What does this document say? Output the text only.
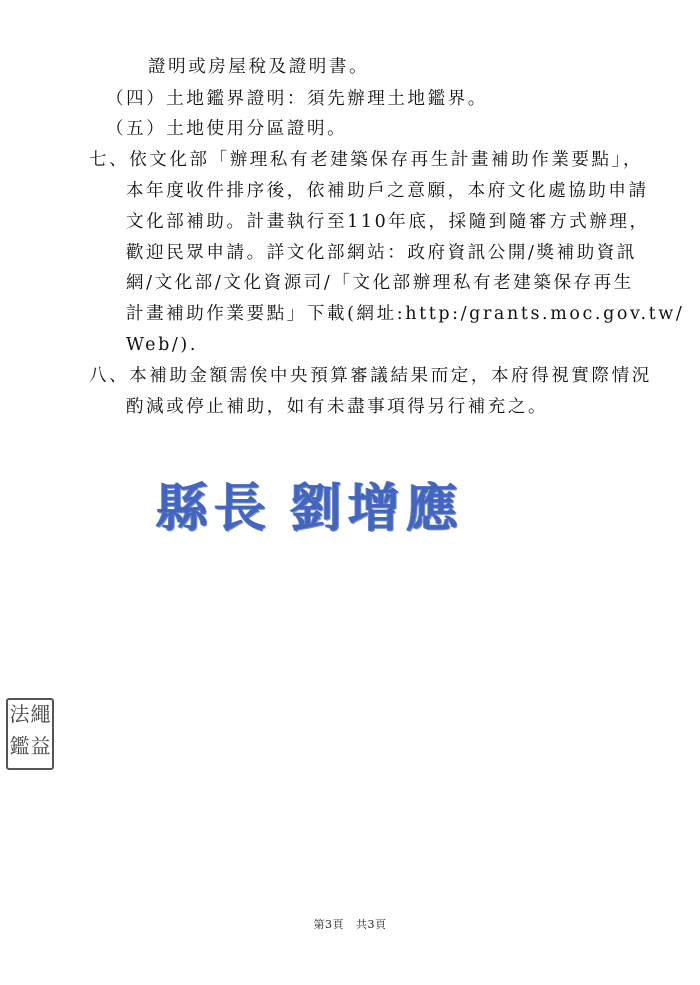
證明或房屋稅及證明書。
（四）土地鑑界證明：須先辦理土地鑑界。
（五）土地使用分區證明。
七、依文化部「辦理私有老建築保存再生計畫補助作業要點」，
本年度收件排序後，依補助戶之意願，本府文化處協助申請
文化部補助。計畫執行至110年底，採隨到隨審方式辦理，
歡迎民眾申請。詳文化部網站：政府資訊公開/獎補助資訊
網/文化部/文化資源司/「文化部辦理私有老建築保存再生
計畫補助作業要點」下載(網址:http:/grants.moc.gov.tw/
Web/).
八、本補助金額需俟中央預算審議結果而定，本府得視實際情況
酌減或停止補助，如有未盡事項得另行補充之。
縣長 劉增應
法 繩
鑑 益
第3頁 共3頁
